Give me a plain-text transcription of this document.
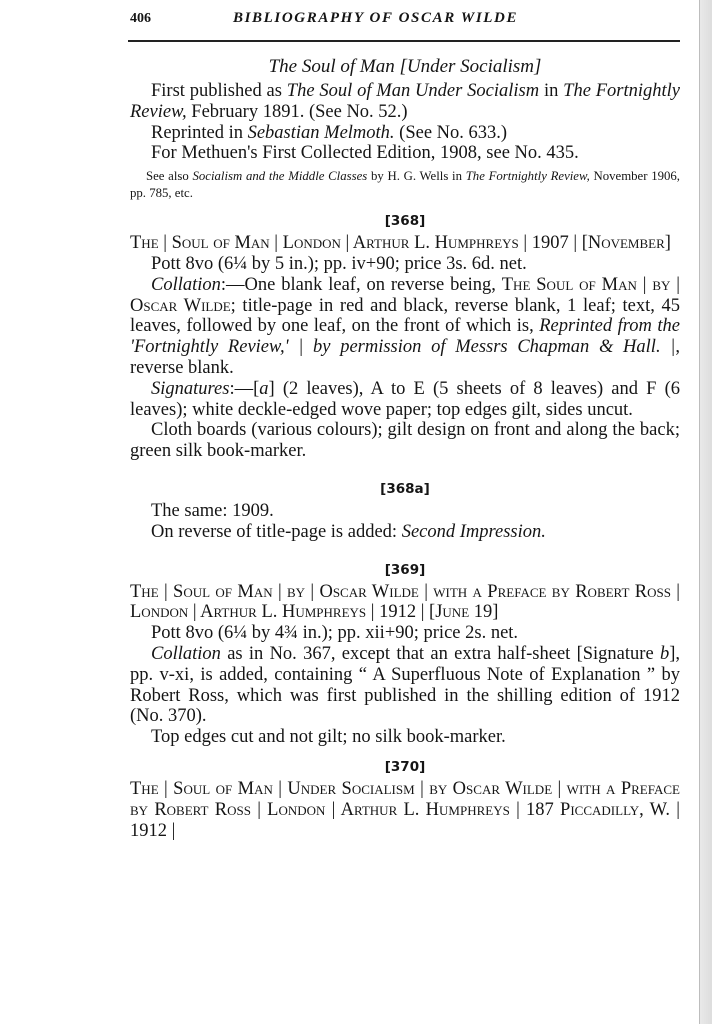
406	BIBLIOGRAPHY OF OSCAR WILDE
The Soul of Man [Under Socialism]

First published as The Soul of Man Under Socialism in The Fortnightly Review, February 1891. (See No. 52.)

Reprinted in Sebastian Melmoth. (See No. 633.)

For Methuen's First Collected Edition, 1908, see No. 435.

See also Socialism and the Middle Classes by H. G. Wells in The Fortnightly Review, November 1906, pp. 785, etc.

[368]

The | Soul of Man | London | Arthur L. Humphreys | 1907 | [November]

Pott 8vo (6¼ by 5 in.); pp. iv+90; price 3s. 6d. net.

Collation:—One blank leaf, on reverse being, The Soul of Man | by | Oscar Wilde; title-page in red and black, reverse blank, 1 leaf; text, 45 leaves, followed by one leaf, on the front of which is, Reprinted from the 'Fortnightly Review,' | by permission of Messrs Chapman & Hall. |, reverse blank.

Signatures:—[a] (2 leaves), A to E (5 sheets of 8 leaves) and F (6 leaves); white deckle-edged wove paper; top edges gilt, sides uncut.

Cloth boards (various colours); gilt design on front and along the back; green silk book-marker.

[368a]

The same: 1909.

On reverse of title-page is added: Second Impression.

[369]

The | Soul of Man | by | Oscar Wilde | with a Preface by Robert Ross | London | Arthur L. Humphreys | 1912 | [June 19]

Pott 8vo (6¼ by 4¾ in.); pp. xii+90; price 2s. net.

Collation as in No. 367, except that an extra half-sheet [Signature b], pp. v-xi, is added, containing “ A Superfluous Note of Explanation ” by Robert Ross, which was first published in the shilling edition of 1912 (No. 370).

Top edges cut and not gilt; no silk book-marker.

[370]

The | Soul of Man | Under Socialism | by Oscar Wilde | with a Preface by Robert Ross | London | Arthur L. Humphreys | 187 Piccadilly, W. | 1912 |
